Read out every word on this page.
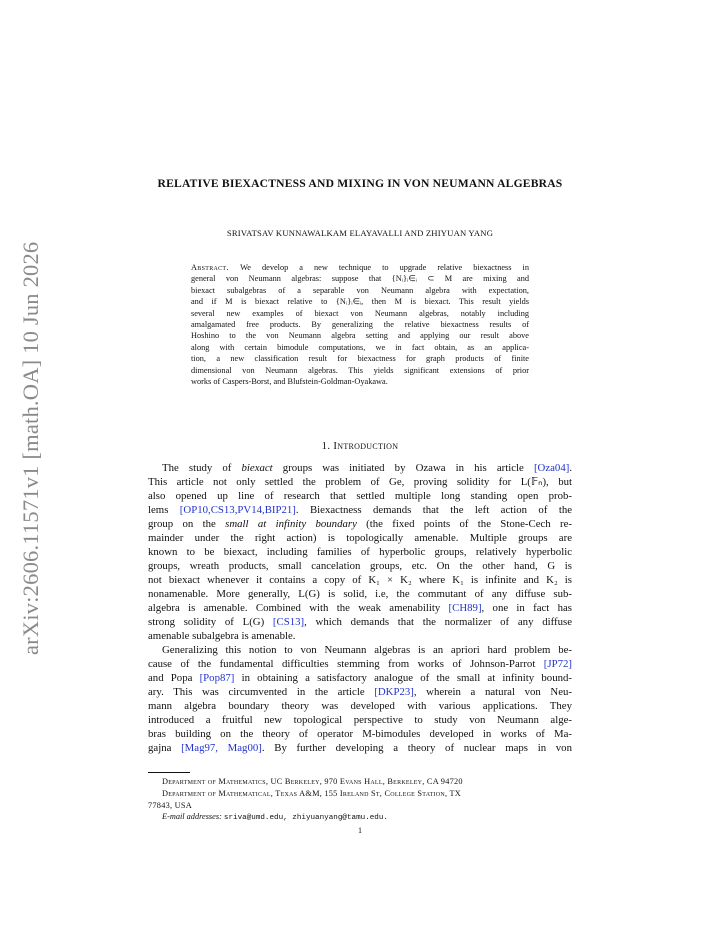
arXiv:2606.11571v1 [math.OA] 10 Jun 2026
RELATIVE BIEXACTNESS AND MIXING IN VON NEUMANN ALGEBRAS
SRIVATSAV KUNNAWALKAM ELAYAVALLI AND ZHIYUAN YANG
Abstract. We develop a new technique to upgrade relative biexactness in
general von Neumann algebras: suppose that {Nᵢ}ᵢ∈ᵢ ⊂ M are mixing and
biexact subalgebras of a separable von Neumann algebra with expectation,
and if M is biexact relative to {Nᵢ}ᵢ∈ᵢ, then M is biexact. This result yields
several new examples of biexact von Neumann algebras, notably including
amalgamated free products. By generalizing the relative biexactness results of
Hoshino to the von Neumann algebra setting and applying our result above
along with certain bimodule computations, we in fact obtain, as an applica-
tion, a new classification result for biexactness for graph products of finite
dimensional von Neumann algebras. This yields significant extensions of prior
works of Caspers-Borst, and Blufstein-Goldman-Oyakawa.
1. Introduction
The study of biexact groups was initiated by Ozawa in his article [Oza04].
This article not only settled the problem of Ge, proving solidity for L(𝔽ₙ), but
also opened up line of research that settled multiple long standing open prob-
lems [OP10,CS13,PV14,BIP21]. Biexactness demands that the left action of the
group on the small at infinity boundary (the fixed points of the Stone-Cech re-
mainder under the right action) is topologically amenable. Multiple groups are
known to be biexact, including families of hyperbolic groups, relatively hyperbolic
groups, wreath products, small cancelation groups, etc. On the other hand, G is
not biexact whenever it contains a copy of K₁ × K₂ where K₁ is infinite and K₂ is
nonamenable. More generally, L(G) is solid, i.e, the commutant of any diffuse sub-
algebra is amenable. Combined with the weak amenability [CH89], one in fact has
strong solidity of L(G) [CS13], which demands that the normalizer of any diffuse
amenable subalgebra is amenable.
Generalizing this notion to von Neumann algebras is an apriori hard problem be-
cause of the fundamental difficulties stemming from works of Johnson-Parrot [JP72]
and Popa [Pop87] in obtaining a satisfactory analogue of the small at infinity bound-
ary. This was circumvented in the article [DKP23], wherein a natural von Neu-
mann algebra boundary theory was developed with various applications. They
introduced a fruitful new topological perspective to study von Neumann alge-
bras building on the theory of operator M-bimodules developed in works of Ma-
gajna [Mag97, Mag00]. By further developing a theory of nuclear maps in von
Department of Mathematics, UC Berkeley, 970 Evans Hall, Berkeley, CA 94720
Department of Mathematical, Texas A&M, 155 Ireland St, College Station, TX
77843, USA
E-mail addresses: sriva@umd.edu, zhiyuanyang@tamu.edu.
1
